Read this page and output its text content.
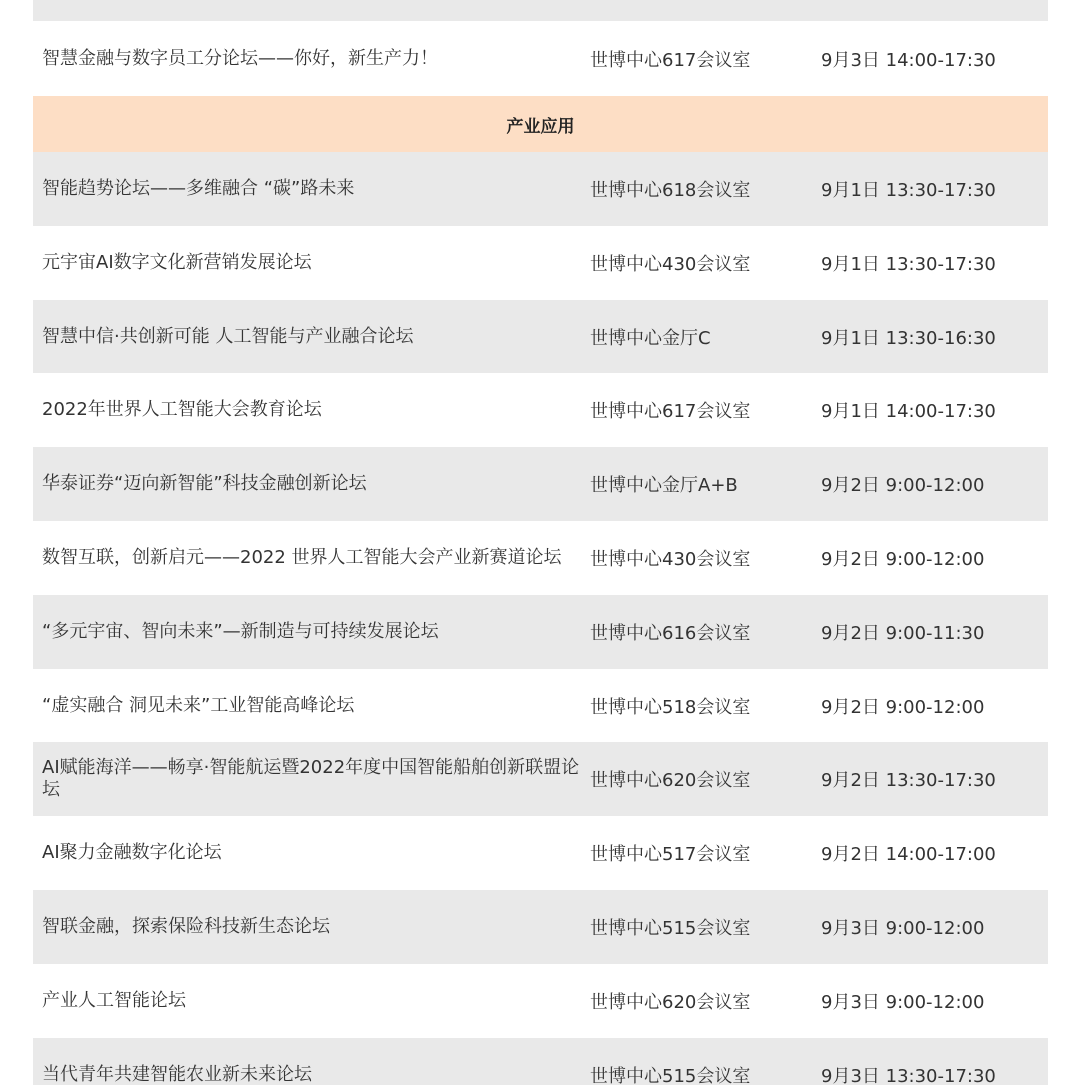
智慧金融与数字员工分论坛——你好，新生产力！	世博中心617会议室	9月3日 14:00-17:30
产业应用
智能趋势论坛——多维融合 “碳”路未来	世博中心618会议室	9月1日 13:30-17:30
元宇宙AI数字文化新营销发展论坛	世博中心430会议室	9月1日 13:30-17:30
智慧中信·共创新可能 人工智能与产业融合论坛	世博中心金厅C	9月1日 13:30-16:30
2022年世界人工智能大会教育论坛	世博中心617会议室	9月1日 14:00-17:30
华泰证券“迈向新智能”科技金融创新论坛	世博中心金厅A+B	9月2日 9:00-12:00
数智互联，创新启元——2022 世界人工智能大会产业新赛道论坛	世博中心430会议室	9月2日 9:00-12:00
“多元宇宙、智向未来”—新制造与可持续发展论坛	世博中心616会议室	9月2日 9:00-11:30
“虚实融合 洞见未来”工业智能高峰论坛	世博中心518会议室	9月2日 9:00-12:00
AI赋能海洋——畅享·智能航运暨2022年度中国智能船舶创新联盟论坛	世博中心620会议室	9月2日 13:30-17:30
AI聚力金融数字化论坛	世博中心517会议室	9月2日 14:00-17:00
智联金融，探索保险科技新生态论坛	世博中心515会议室	9月3日 9:00-12:00
产业人工智能论坛	世博中心620会议室	9月3日 9:00-12:00
当代青年共建智能农业新未来论坛	世博中心515会议室	9月3日 13:30-17:30
